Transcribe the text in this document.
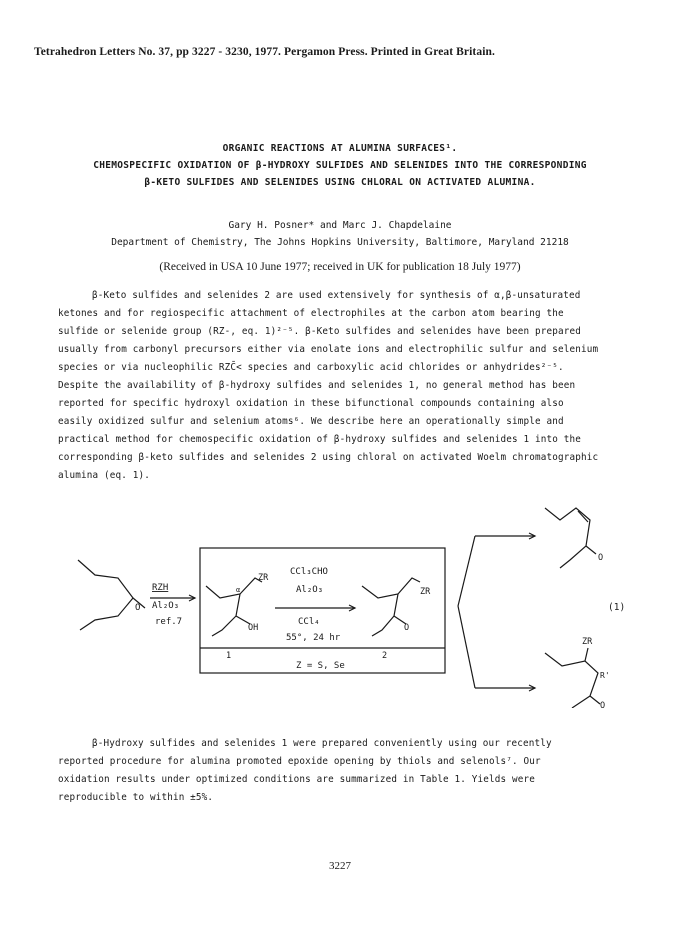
Tetrahedron Letters No. 37, pp 3227 - 3230, 1977. Pergamon Press. Printed in Great Britain.
ORGANIC REACTIONS AT ALUMINA SURFACES¹.
CHEMOSPECIFIC OXIDATION OF β-HYDROXY SULFIDES AND SELENIDES INTO THE CORRESPONDING
β-KETO SULFIDES AND SELENIDES USING CHLORAL ON ACTIVATED ALUMINA.
Gary H. Posner* and Marc J. Chapdelaine
Department of Chemistry, The Johns Hopkins University, Baltimore, Maryland 21218
(Received in USA 10 June 1977; received in UK for publication 18 July 1977)
β-Keto sulfides and selenides 2 are used extensively for synthesis of α,β-unsaturated
ketones and for regiospecific attachment of electrophiles at the carbon atom bearing the
sulfide or selenide group (RZ-, eq. 1)²⁻⁵. β-Keto sulfides and selenides have been prepared
usually from carbonyl precursors either via enolate ions and electrophilic sulfur and selenium
species or via nucleophilic RZC̄< species and carboxylic acid chlorides or anhydrides²⁻⁵.
Despite the availability of β-hydroxy sulfides and selenides 1, no general method has been
reported for specific hydroxyl oxidation in these bifunctional compounds containing also
easily oxidized sulfur and selenium atoms⁶. We describe here an operationally simple and
practical method for chemospecific oxidation of β-hydroxy sulfides and selenides 1 into the
corresponding β-keto sulfides and selenides 2 using chloral on activated Woelm chromatographic
alumina (eq. 1).
O
RZH
Al₂O₃
ref.7
ZR
α
OH
1
CCl₃CHO
Al₂O₃
CCl₄
55°, 24 hr
ZR
O
2
Z = S, Se
O
(1)
ZR
R'
O
β-Hydroxy sulfides and selenides 1 were prepared conveniently using our recently
reported procedure for alumina promoted epoxide opening by thiols and selenols⁷. Our
oxidation results under optimized conditions are summarized in Table 1. Yields were
reproducible to within ±5%.
3227
